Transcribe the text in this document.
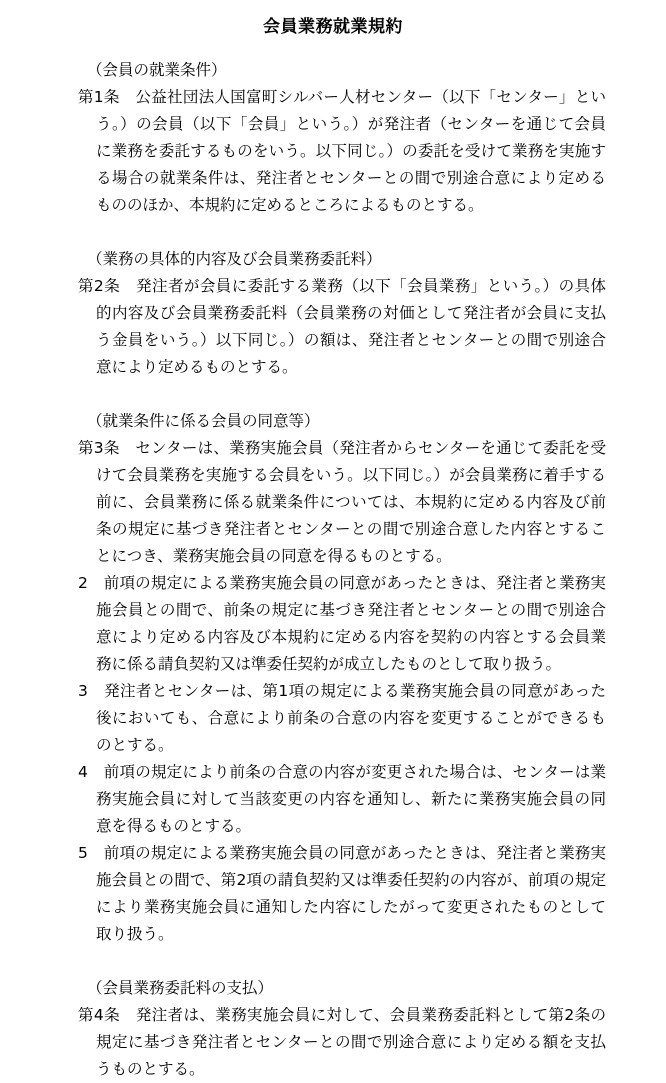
会員業務就業規約
（会員の就業条件）
第1条　公益社団法人国富町シルバー人材センター（以下「センター」という。）の会員（以下「会員」という。）が発注者（センターを通じて会員に業務を委託するものをいう。以下同じ。）の委託を受けて業務を実施する場合の就業条件は、発注者とセンターとの間で別途合意により定めるもののほか、本規約に定めるところによるものとする。

（業務の具体的内容及び会員業務委託料）
第2条　発注者が会員に委託する業務（以下「会員業務」という。）の具体的内容及び会員業務委託料（会員業務の対価として発注者が会員に支払う金員をいう。）以下同じ。）の額は、発注者とセンターとの間で別途合意により定めるものとする。

（就業条件に係る会員の同意等）
第3条　センターは、業務実施会員（発注者からセンターを通じて委託を受けて会員業務を実施する会員をいう。以下同じ。）が会員業務に着手する前に、会員業務に係る就業条件については、本規約に定める内容及び前条の規定に基づき発注者とセンターとの間で別途合意した内容とすることにつき、業務実施会員の同意を得るものとする。
2　前項の規定による業務実施会員の同意があったときは、発注者と業務実施会員との間で、前条の規定に基づき発注者とセンターとの間で別途合意により定める内容及び本規約に定める内容を契約の内容とする会員業務に係る請負契約又は準委任契約が成立したものとして取り扱う。
3　発注者とセンターは、第1項の規定による業務実施会員の同意があった後においても、合意により前条の合意の内容を変更することができるものとする。
4　前項の規定により前条の合意の内容が変更された場合は、センターは業務実施会員に対して当該変更の内容を通知し、新たに業務実施会員の同意を得るものとする。
5　前項の規定による業務実施会員の同意があったときは、発注者と業務実施会員との間で、第2項の請負契約又は準委任契約の内容が、前項の規定により業務実施会員に通知した内容にしたがって変更されたものとして取り扱う。

（会員業務委託料の支払）
第4条　発注者は、業務実施会員に対して、会員業務委託料として第2条の規定に基づき発注者とセンターとの間で別途合意により定める額を支払うものとする。
